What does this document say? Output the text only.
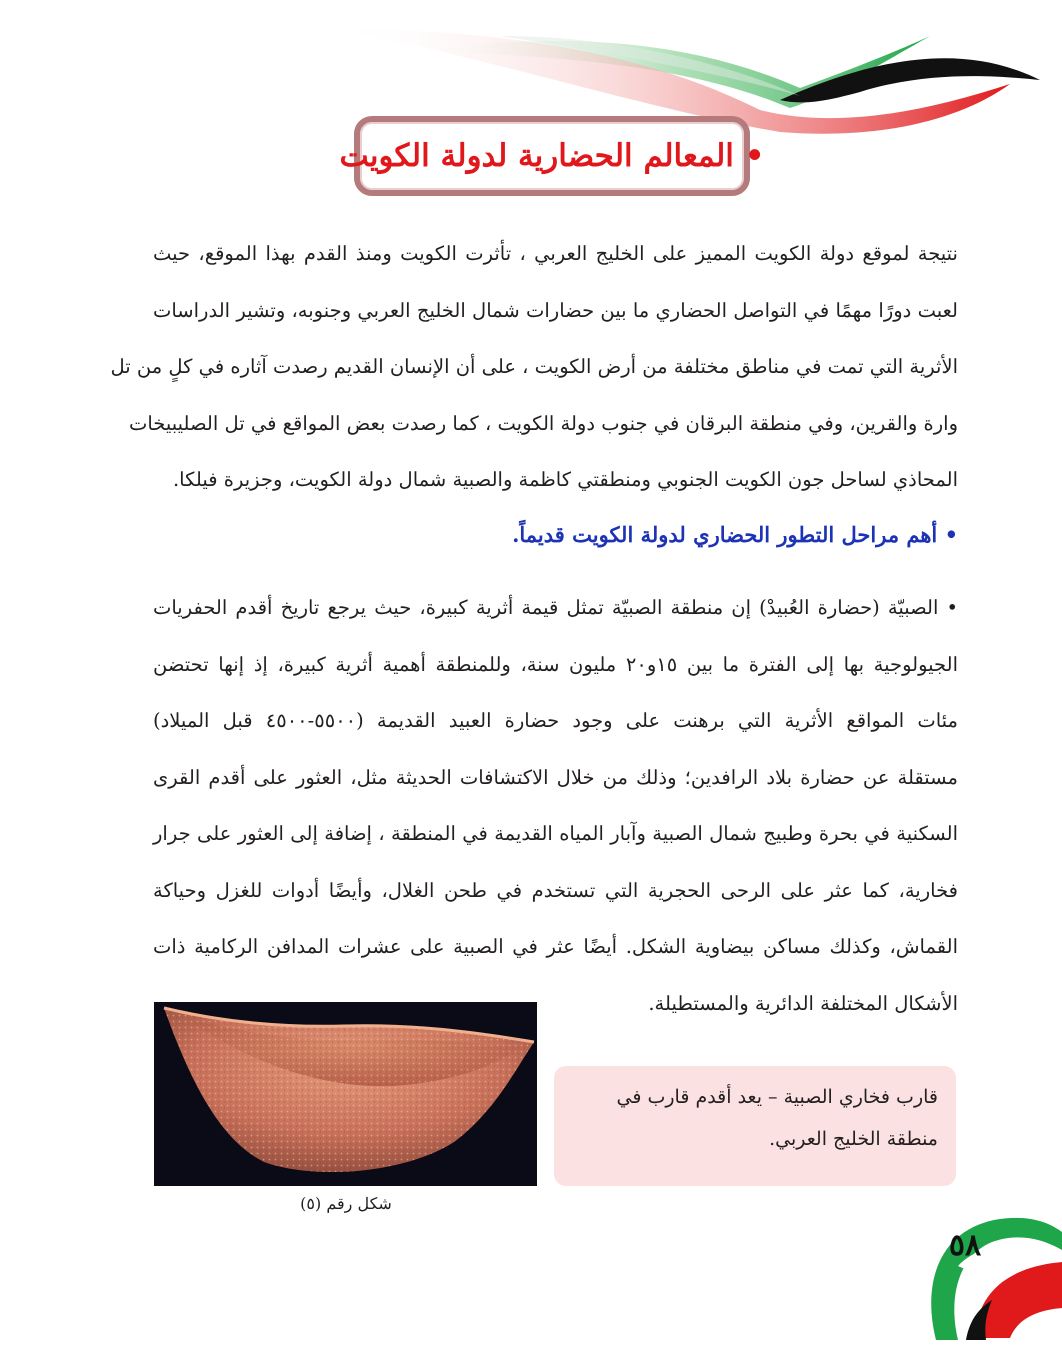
• المعالم الحضارية لدولة الكويت
نتيجة لموقع دولة الكويت المميز على الخليج العربي ، تأثرت الكويت ومنذ القدم بهذا الموقع، حيث
لعبت دورًا مهمًا في التواصل الحضاري ما بين حضارات شمال الخليج العربي وجنوبه، وتشير الدراسات
الأثرية التي تمت في مناطق مختلفة من أرض الكويت ، على أن الإنسان القديم رصدت آثاره في كلٍ من تل
وارة والقرين، وفي منطقة البرقان في جنوب دولة الكويت ، كما رصدت بعض المواقع في تل الصليبيخات
المحاذي لساحل جون الكويت الجنوبي ومنطقتي كاظمة والصبية شمال دولة الكويت، وجزيرة فيلكا.
• أهم مراحل التطور الحضاري لدولة الكويت قديماً.
• الصبيّة (حضارة العُبيدْ) إن منطقة الصبيّة تمثل قيمة أثرية كبيرة، حيث يرجع تاريخ أقدم الحفريات
الجيولوجية بها إلى الفترة ما بين ١٥و٢٠ مليون سنة، وللمنطقة أهمية أثرية كبيرة، إذ إنها تحتضن
مئات المواقع الأثرية التي برهنت على وجود حضارة العبيد القديمة (٥٥٠٠-٤٥٠٠ قبل الميلاد)
مستقلة عن حضارة بلاد الرافدين؛ وذلك من خلال الاكتشافات الحديثة مثل، العثور على أقدم القرى
السكنية في بحرة وطبيج شمال الصبية وآبار المياه القديمة في المنطقة ، إضافة إلى العثور على جرار
فخارية، كما عثر على الرحى الحجرية التي تستخدم في طحن الغلال، وأيضًا أدوات للغزل وحياكة
القماش، وكذلك مساكن بيضاوية الشكل. أيضًا عثر في الصبية على عشرات المدافن الركامية ذات
الأشكال المختلفة الدائرية والمستطيلة.
قارب فخاري الصبية – يعد أقدم قارب في منطقة الخليج العربي.
شكل رقم (٥)
٥٨
